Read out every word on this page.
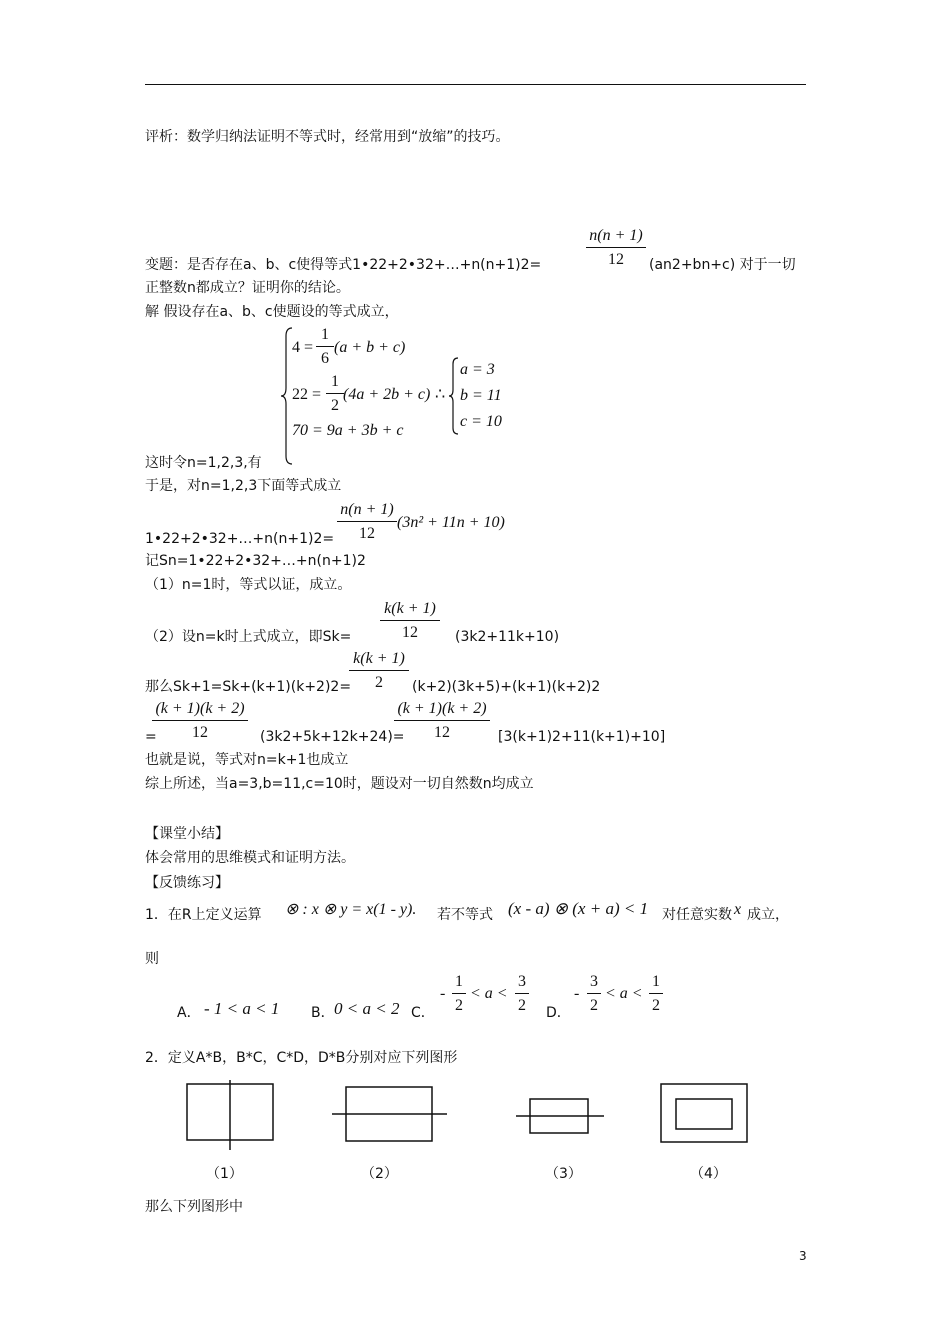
评析：数学归纳法证明不等式时，经常用到“放缩”的技巧。
$\frac{n(n + 1)}{12}$
变题：是否存在a、b、c使得等式1•22+2•32+…+n(n+1)2=	(an2+bn+c) 对于一切
正整数n都成立？证明你的结论。
解 假设存在a、b、c使题设的等式成立，
$4 = \frac{1}{6} (a + b + c)$
$22 = \frac{1}{2} (4a + 2b + c)$ ∴
70 = 9a + 3b + c
a = 3
b = 11
c = 10
这时令n=1,2,3,有
于是，对n=1,2,3下面等式成立
$\frac{n(n + 1)}{12}$
1•22+2•32+…+n(n+1)2=
(3n² + 11n + 10)
记Sn=1•22+2•32+…+n(n+1)2
（1）n=1时，等式以证，成立。
$\frac{k(k + 1)}{12}$
（2）设n=k时上式成立，即Sk=	(3k2+11k+10)
$\frac{k(k + 1)}{2}$
那么Sk+1=Sk+(k+1)(k+2)2=	(k+2)(3k+5)+(k+1)(k+2)2
$\frac{(k + 1)(k + 2)}{12}$
=	(3k2+5k+12k+24)=
$\frac{(k + 1)(k + 2)}{12} [3(k+1)2+11(k+1)+10]$
也就是说，等式对n=k+1也成立
综上所述，当a=3,b=11,c=10时，题设对一切自然数n均成立
【课堂小结】
体会常用的思维模式和证明方法。
【反馈练习】
1．在R上定义运算 ⊗ : x ⊗ y = x(1 - y). 若不等式 (x - a) ⊗ (x + a) < 1 对任意实数 x 成立，
则
A． - 1 < a < 1 B． 0 < a < 2 C．
- $\frac{1}{2} < a < \frac{3}{2}$ D．
- $\frac{3}{2} < a < \frac{1}{2}$
2．定义A*B，B*C，C*D，D*B分别对应下列图形
（1）	（2）	（3）	（4）
那么下列图形中
3
